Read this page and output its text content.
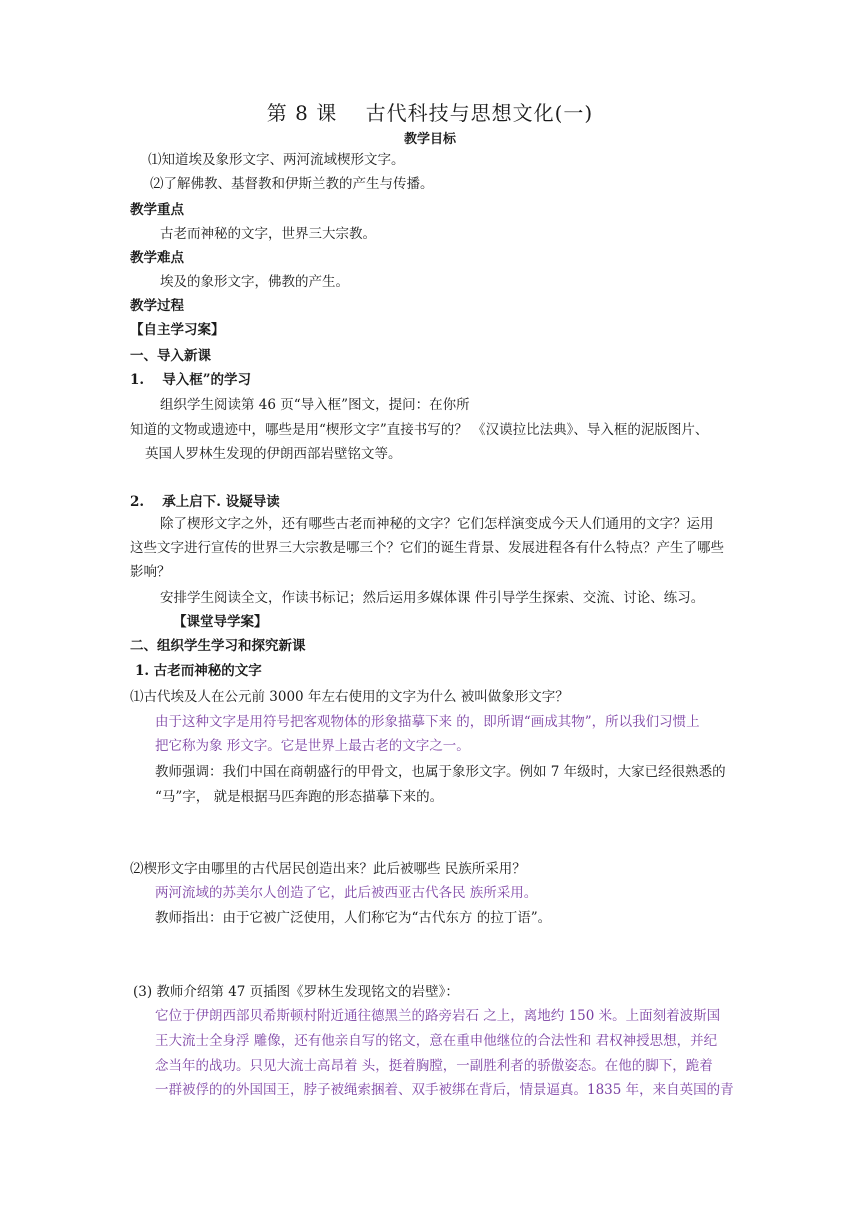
第 8 课　 古代科技与思想文化(一)
教学目标
⑴知道埃及象形文字、两河流域楔形文字。
⑵了解佛教、基督教和伊斯兰教的产生与传播。
教学重点
古老而神秘的文字，世界三大宗教。
教学难点
埃及的象形文字，佛教的产生。
教学过程
【自主学习案】
一、导入新课
1.　 导入框”的学习
组织学生阅读第 46 页“导入框”图文，提问：在你所
知道的文物或遗迹中，哪些是用“楔形文字”直接书写的？ 《汉谟拉比法典》、导入框的泥版图片、
英国人罗林生发现的伊朗西部岩壁铭文等。
2.　 承上启下. 设疑导读
除了楔形文字之外，还有哪些古老而神秘的文字？它们怎样演变成今天人们通用的文字？运用
这些文字进行宣传的世界三大宗教是哪三个？它们的诞生背景、发展进程各有什么特点？产生了哪些
影响？
安排学生阅读全文，作读书标记；然后运用多媒体课 件引导学生探索、交流、讨论、练习。
【课堂导学案】
二、组织学生学习和探究新课
1. 古老而神秘的文字
⑴古代埃及人在公元前 3000 年左右使用的文字为什么 被叫做象形文字？
由于这种文字是用符号把客观物体的形象描摹下来 的，即所谓“画成其物”，所以我们习惯上
把它称为象 形文字。它是世界上最古老的文字之一。
教师强调：我们中国在商朝盛行的甲骨文，也属于象形文字。例如 7 年级时，大家已经很熟悉的
“马”字， 就是根据马匹奔跑的形态描摹下来的。
⑵楔形文字由哪里的古代居民创造出来？此后被哪些 民族所采用？
两河流域的苏美尔人创造了它，此后被西亚古代各民 族所采用。
教师指出：由于它被广泛使用，人们称它为“古代东方 的拉丁语”。
(3) 教师介绍第 47 页插图《罗林生发现铭文的岩壁》：
它位于伊朗西部贝希斯顿村附近通往德黑兰的路旁岩石 之上，离地约 150 米。上面刻着波斯国
王大流士全身浮 雕像，还有他亲自写的铭文，意在重申他继位的合法性和 君权神授思想，并纪
念当年的战功。只见大流士高昂着 头，挺着胸膛，一副胜利者的骄傲姿态。在他的脚下，跪着
一群被俘的的外国国王，脖子被绳索捆着、双手被绑在背后，情景逼真。1835 年，来自英国的青
